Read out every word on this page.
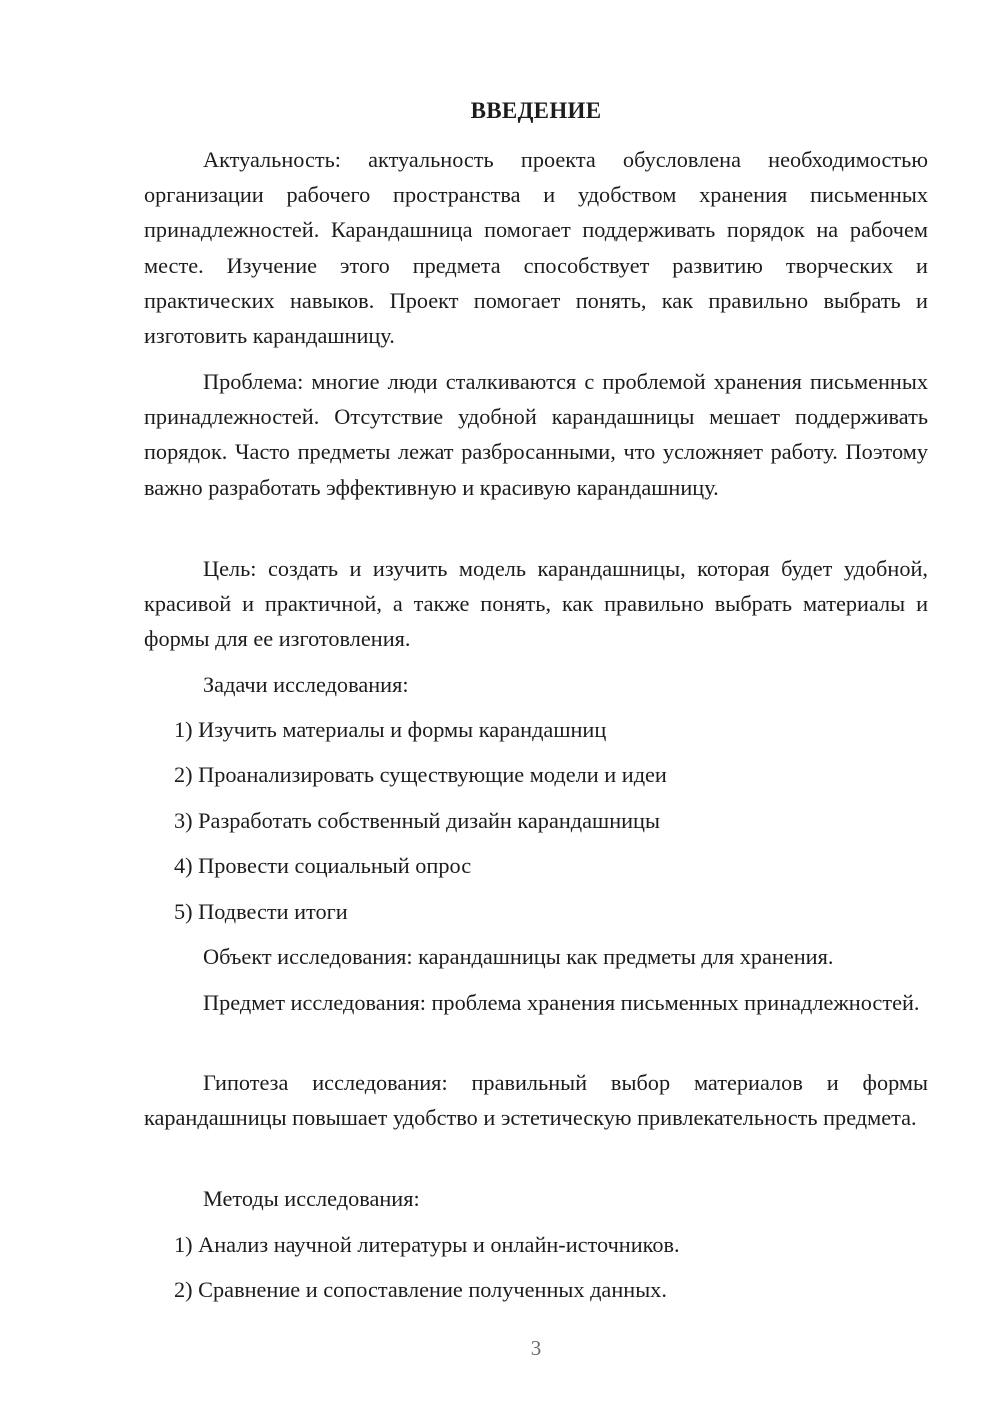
ВВЕДЕНИЕ
Актуальность: актуальность проекта обусловлена необходимостью организации рабочего пространства и удобством хранения письменных принадлежностей. Карандашница помогает поддерживать порядок на рабочем месте. Изучение этого предмета способствует развитию творческих и практических навыков. Проект помогает понять, как правильно выбрать и изготовить карандашницу.
Проблема: многие люди сталкиваются с проблемой хранения письменных принадлежностей. Отсутствие удобной карандашницы мешает поддерживать порядок. Часто предметы лежат разбросанными, что усложняет работу. Поэтому важно разработать эффективную и красивую карандашницу.
Цель: создать и изучить модель карандашницы, которая будет удобной, красивой и практичной, а также понять, как правильно выбрать материалы и формы для ее изготовления.
Задачи исследования:
1) Изучить материалы и формы карандашниц
2) Проанализировать существующие модели и идеи
3) Разработать собственный дизайн карандашницы
4) Провести социальный опрос
5) Подвести итоги
Объект исследования: карандашницы как предметы для хранения.
Предмет исследования: проблема хранения письменных принадлежностей.
Гипотеза исследования: правильный выбор материалов и формы карандашницы повышает удобство и эстетическую привлекательность предмета.
Методы исследования:
1) Анализ научной литературы и онлайн-источников.
2) Сравнение и сопоставление полученных данных.
3
